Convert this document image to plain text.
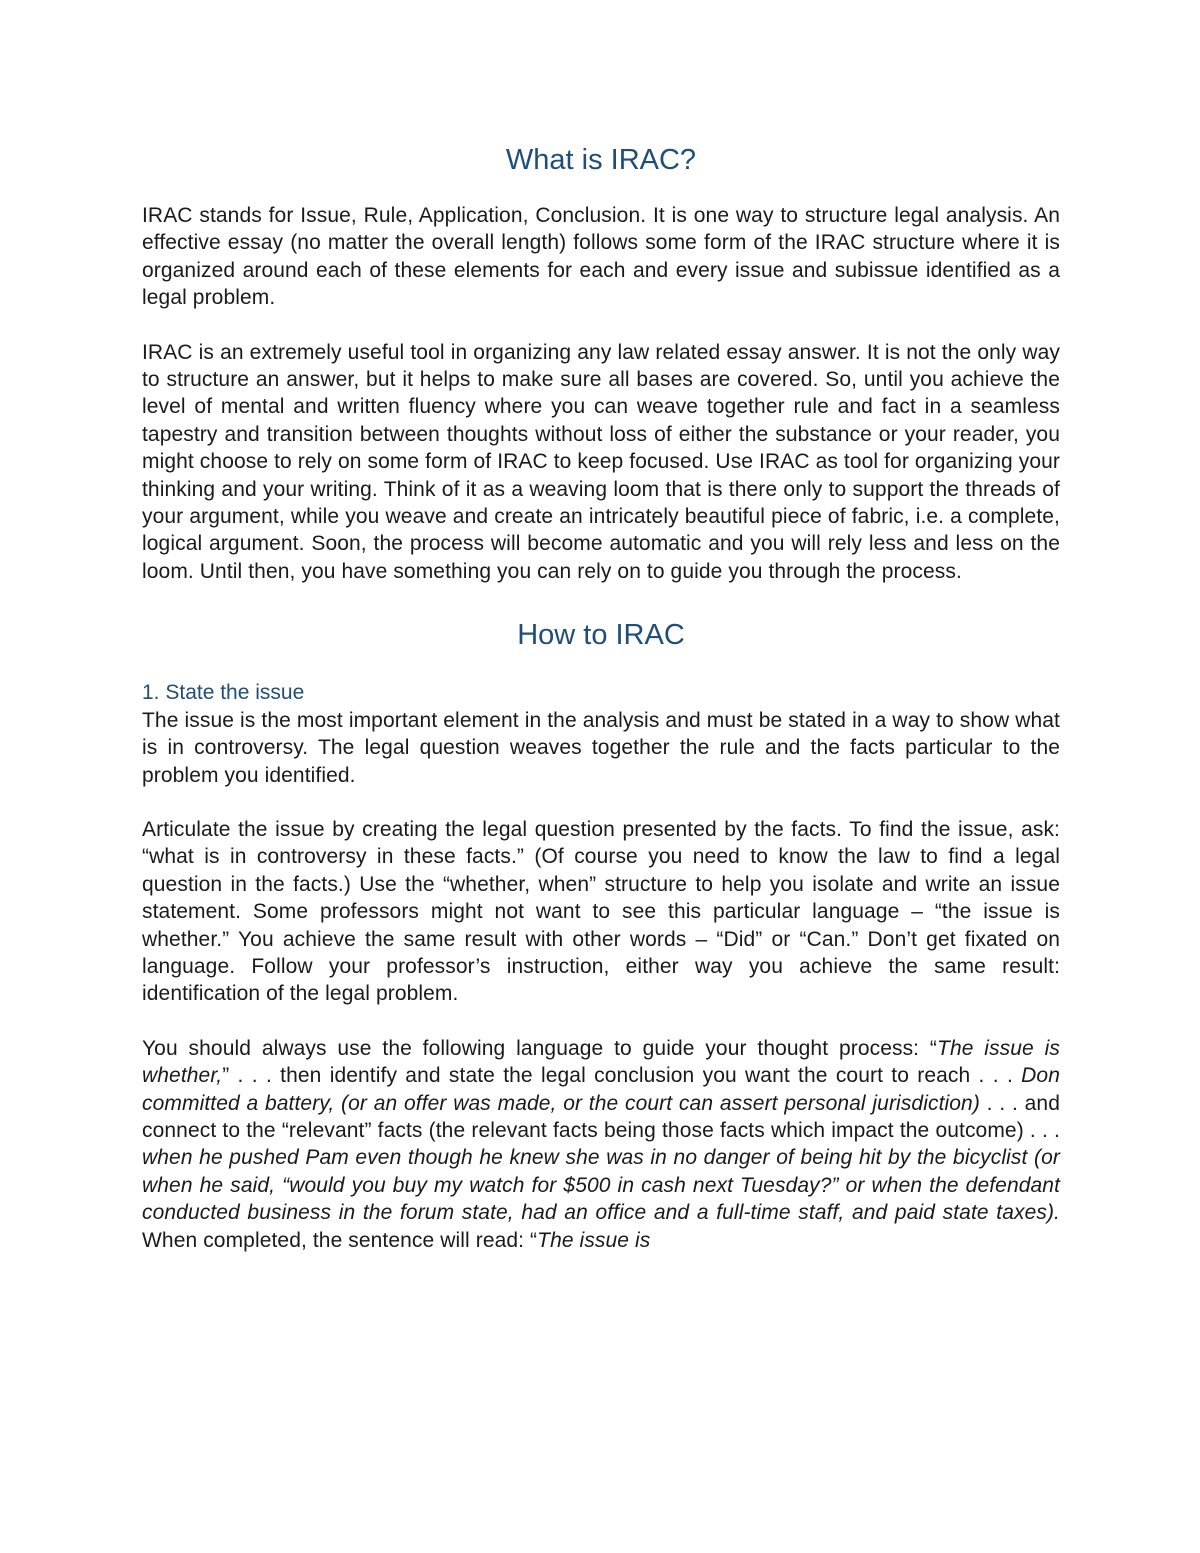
What is IRAC?

IRAC stands for Issue, Rule, Application, Conclusion. It is one way to structure legal analysis. An effective essay (no matter the overall length) follows some form of the IRAC structure where it is organized around each of these elements for each and every issue and subissue identified as a legal problem.

IRAC is an extremely useful tool in organizing any law related essay answer. It is not the only way to structure an answer, but it helps to make sure all bases are covered. So, until you achieve the level of mental and written fluency where you can weave together rule and fact in a seamless tapestry and transition between thoughts without loss of either the substance or your reader, you might choose to rely on some form of IRAC to keep focused. Use IRAC as tool for organizing your thinking and your writing. Think of it as a weaving loom that is there only to support the threads of your argument, while you weave and create an intricately beautiful piece of fabric, i.e. a complete, logical argument. Soon, the process will become automatic and you will rely less and less on the loom. Until then, you have something you can rely on to guide you through the process.

How to IRAC

1. State the issue

The issue is the most important element in the analysis and must be stated in a way to show what is in controversy. The legal question weaves together the rule and the facts particular to the problem you identified.

Articulate the issue by creating the legal question presented by the facts. To find the issue, ask: “what is in controversy in these facts.” (Of course you need to know the law to find a legal question in the facts.) Use the “whether, when” structure to help you isolate and write an issue statement. Some professors might not want to see this particular language – “the issue is whether.” You achieve the same result with other words – “Did” or “Can.” Don’t get fixated on language. Follow your professor’s instruction, either way you achieve the same result: identification of the legal problem.

You should always use the following language to guide your thought process: “The issue is whether,” . . . then identify and state the legal conclusion you want the court to reach . . . Don committed a battery, (or an offer was made, or the court can assert personal jurisdiction) . . . and connect to the “relevant” facts (the relevant facts being those facts which impact the outcome) . . . when he pushed Pam even though he knew she was in no danger of being hit by the bicyclist (or when he said, “would you buy my watch for $500 in cash next Tuesday?” or when the defendant conducted business in the forum state, had an office and a full-time staff, and paid state taxes). When completed, the sentence will read: “The issue is
